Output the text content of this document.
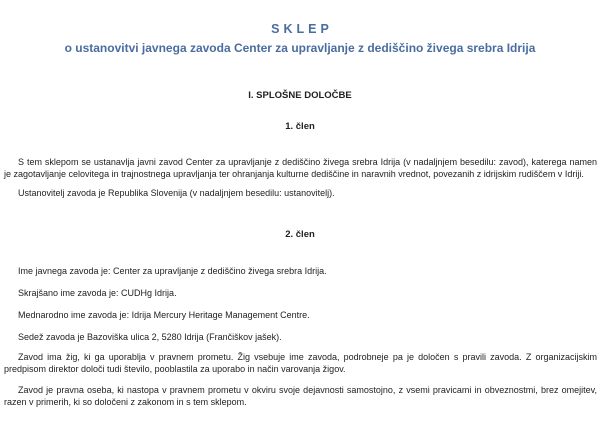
SKLEP
o ustanovitvi javnega zavoda Center za upravljanje z dediščino živega srebra Idrija
I. SPLOŠNE DOLOČBE
1. člen

S tem sklepom se ustanavlja javni zavod Center za upravljanje z dediščino živega srebra Idrija (v nadaljnjem besedilu: zavod), katerega namen je zagotavljanje celovitega in trajnostnega upravljanja ter ohranjanja kulturne dediščine in naravnih vrednot, povezanih z idrijskim rudiščem v Idriji.

Ustanovitelj zavoda je Republika Slovenija (v nadaljnjem besedilu: ustanovitelj).

2. člen

Ime javnega zavoda je: Center za upravljanje z dediščino živega srebra Idrija.

Skrajšano ime zavoda je: CUDHg Idrija.

Mednarodno ime zavoda je: Idrija Mercury Heritage Management Centre.

Sedež zavoda je Bazoviška ulica 2, 5280 Idrija (Frančiškov jašek).

Zavod ima žig, ki ga uporablja v pravnem prometu. Žig vsebuje ime zavoda, podrobneje pa je določen s pravili zavoda. Z organizacijskim predpisom direktor določi tudi število, pooblastila za uporabo in način varovanja žigov.

Zavod je pravna oseba, ki nastopa v pravnem prometu v okviru svoje dejavnosti samostojno, z vsemi pravicami in obveznostmi, brez omejitev, razen v primerih, ki so določeni z zakonom in s tem sklepom.
